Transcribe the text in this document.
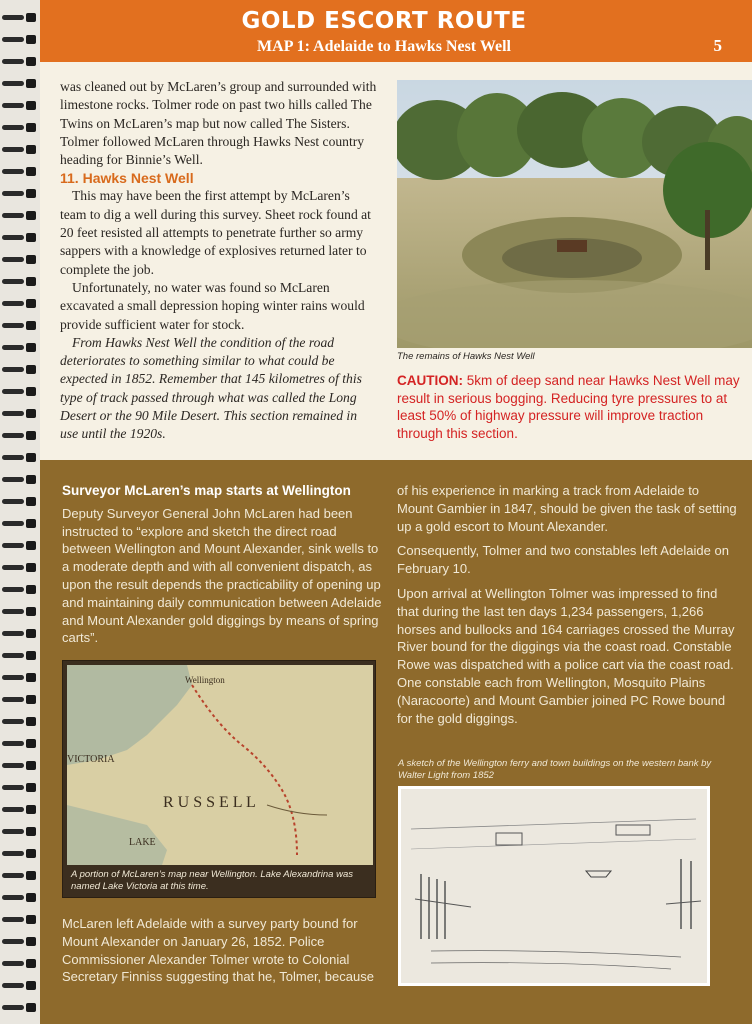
GOLD ESCORT ROUTE
MAP 1: Adelaide to Hawks Nest Well	5

was cleaned out by McLaren’s group and surrounded with limestone rocks. Tolmer rode on past two hills called The Twins on McLaren’s map but now called The Sisters. Tolmer followed McLaren through Hawks Nest country heading for Binnie’s Well.

11. Hawks Nest Well

This may have been the first attempt by McLaren’s team to dig a well during this survey. Sheet rock found at 20 feet resisted all attempts to penetrate further so army sappers with a knowledge of explosives returned later to complete the job.

Unfortunately, no water was found so McLaren excavated a small depression hoping winter rains would provide sufficient water for stock.

From Hawks Nest Well the condition of the road deteriorates to something similar to what could be expected in 1852. Remember that 145 kilometres of this type of track passed through what was called the Long Desert or the 90 Mile Desert. This section remained in use until the 1920s.

The remains of Hawks Nest Well
CAUTION: 5km of deep sand near Hawks Nest Well may result in serious bogging. Reducing tyre pressures to at least 50% of highway pressure will improve traction through this section.
Surveyor McLaren’s map starts at Wellington

Deputy Surveyor General John McLaren had been instructed to “explore and sketch the direct road between Wellington and Mount Alexander, sink wells to a moderate depth and with all convenient dispatch, as upon the result depends the practicability of opening up and maintaining daily communication between Adelaide and Mount Alexander gold diggings by means of spring carts”.

of his experience in marking a track from Adelaide to Mount Gambier in 1847, should be given the task of setting up a gold escort to Mount Alexander.

Consequently, Tolmer and two constables left Adelaide on February 10.

Upon arrival at Wellington Tolmer was impressed to find that during the last ten days 1,234 passengers, 1,266 horses and bullocks and 164 carriages crossed the Murray River bound for the diggings via the coast road. Constable Rowe was dispatched with a police cart via the coast road. One constable each from Wellington, Mosquito Plains (Naracoorte) and Mount Gambier joined PC Rowe bound for the gold diggings.

Wellington
VICTORIA
R U S S E L L
LAKE
A portion of McLaren’s map near Wellington. Lake Alexandrina was named Lake Victoria at this time.
McLaren left Adelaide with a survey party bound for Mount Alexander on January 26, 1852. Police Commissioner Alexander Tolmer wrote to Colonial Secretary Finniss suggesting that he, Tolmer, because
A sketch of the Wellington ferry and town buildings on the western bank by Walter Light from 1852
